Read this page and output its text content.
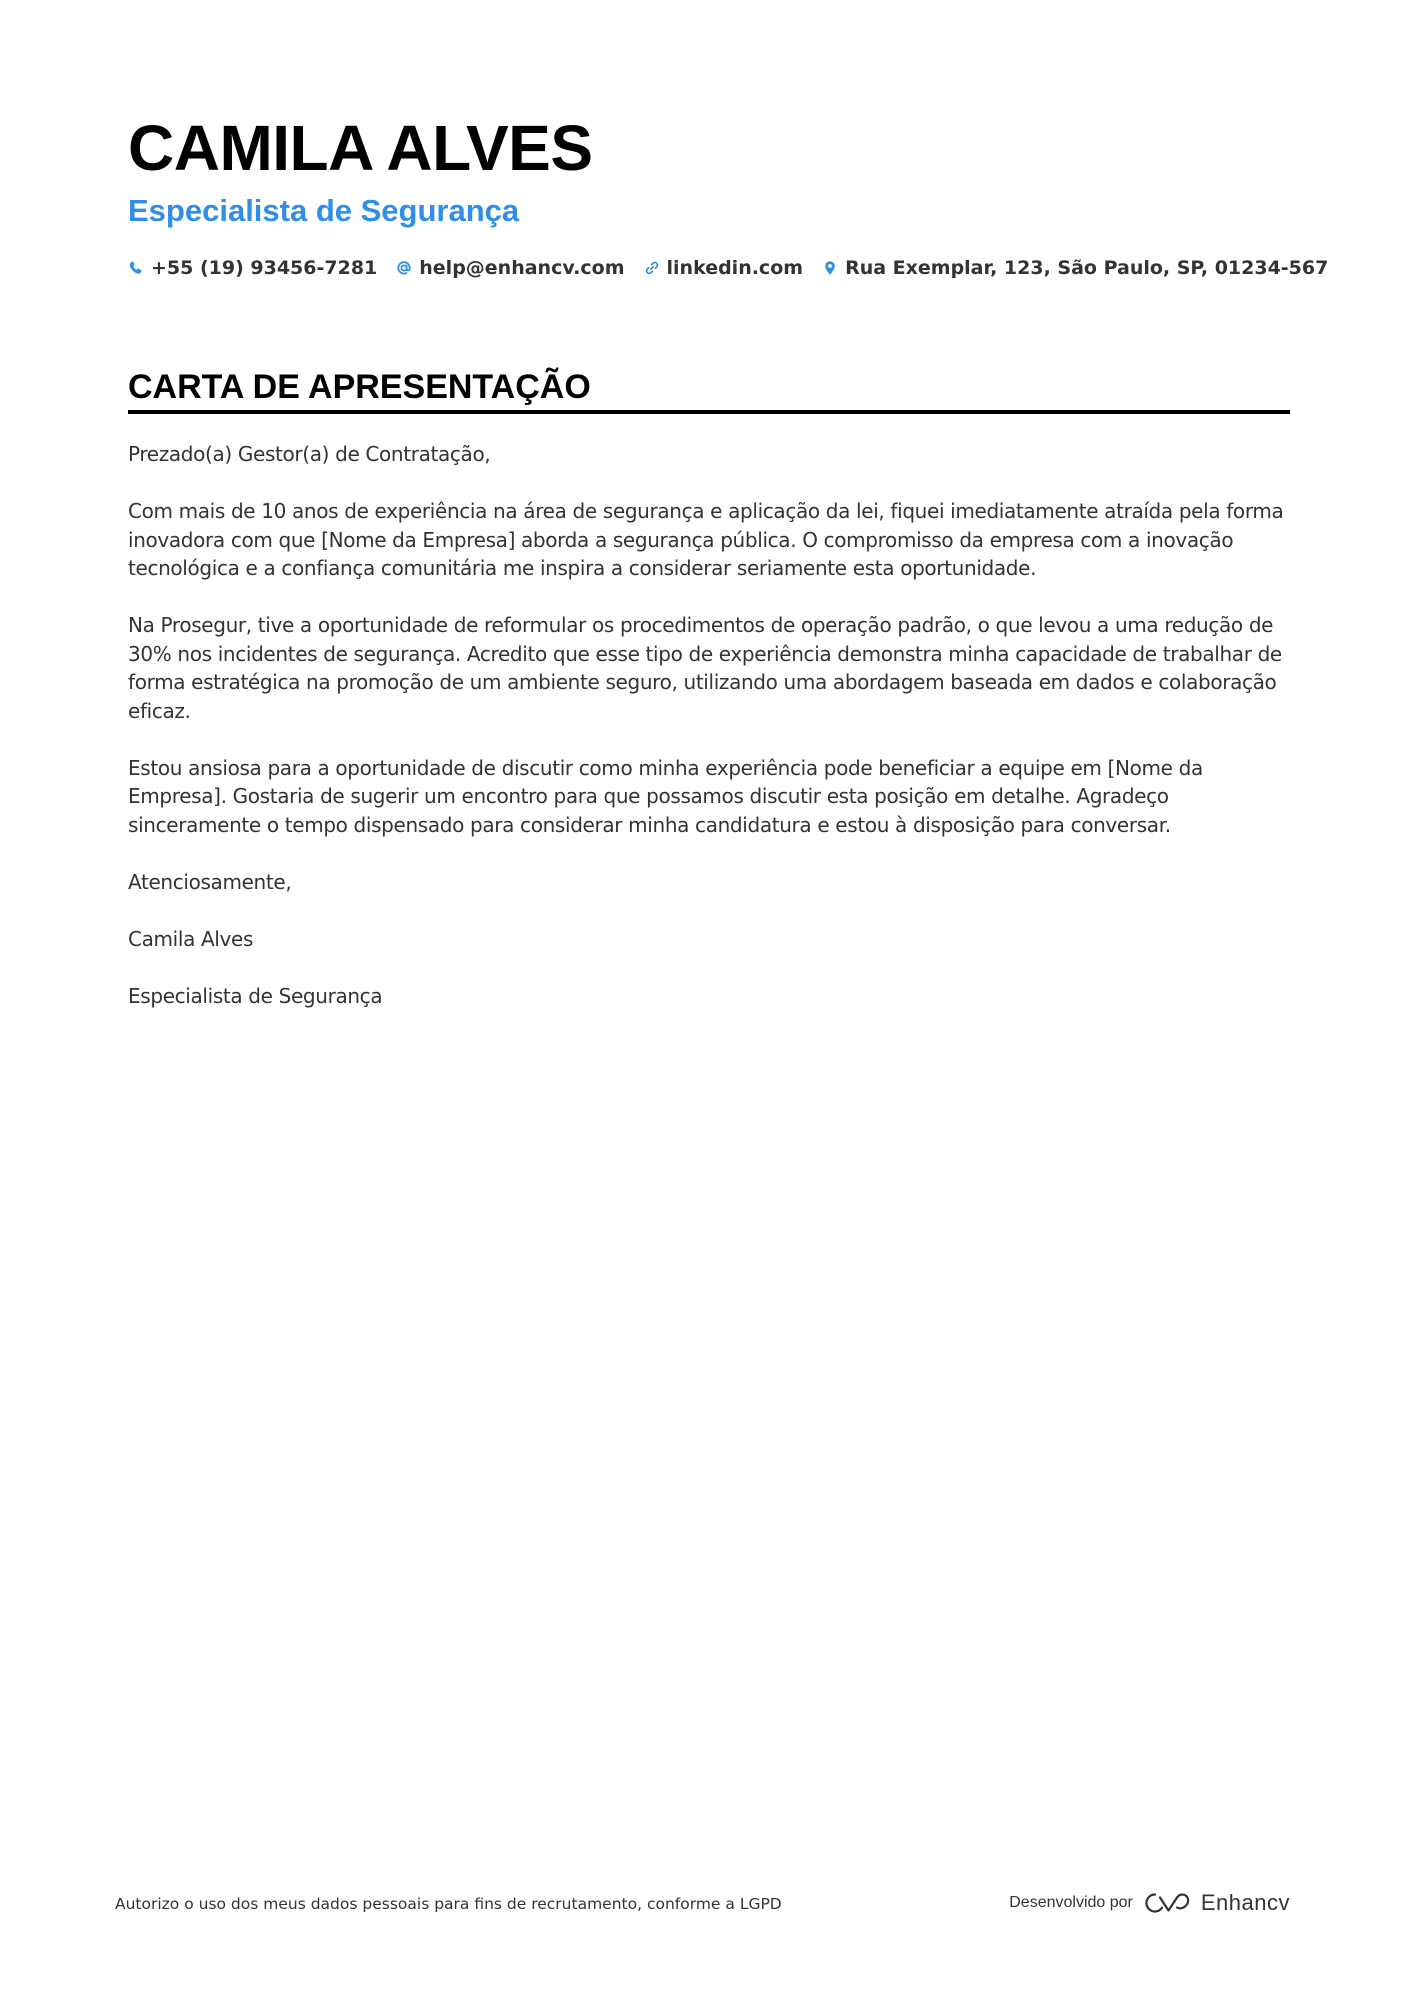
CAMILA ALVES
Especialista de Segurança
+55 (19) 93456-7281 help@enhancv.com linkedin.com Rua Exemplar, 123, São Paulo, SP, 01234-567
CARTA DE APRESENTAÇÃO

Prezado(a) Gestor(a) de Contratação,

Com mais de 10 anos de experiência na área de segurança e aplicação da lei, fiquei imediatamente atraída pela forma inovadora com que [Nome da Empresa] aborda a segurança pública. O compromisso da empresa com a inovação tecnológica e a confiança comunitária me inspira a considerar seriamente esta oportunidade.

Na Prosegur, tive a oportunidade de reformular os procedimentos de operação padrão, o que levou a uma redução de 30% nos incidentes de segurança. Acredito que esse tipo de experiência demonstra minha capacidade de trabalhar de forma estratégica na promoção de um ambiente seguro, utilizando uma abordagem baseada em dados e colaboração eficaz.

Estou ansiosa para a oportunidade de discutir como minha experiência pode beneficiar a equipe em [Nome da Empresa]. Gostaria de sugerir um encontro para que possamos discutir esta posição em detalhe. Agradeço sinceramente o tempo dispensado para considerar minha candidatura e estou à disposição para conversar.

Atenciosamente,

Camila Alves

Especialista de Segurança

Autorizo o uso dos meus dados pessoais para fins de recrutamento, conforme a LGPD	Desenvolvido por	Enhancv
